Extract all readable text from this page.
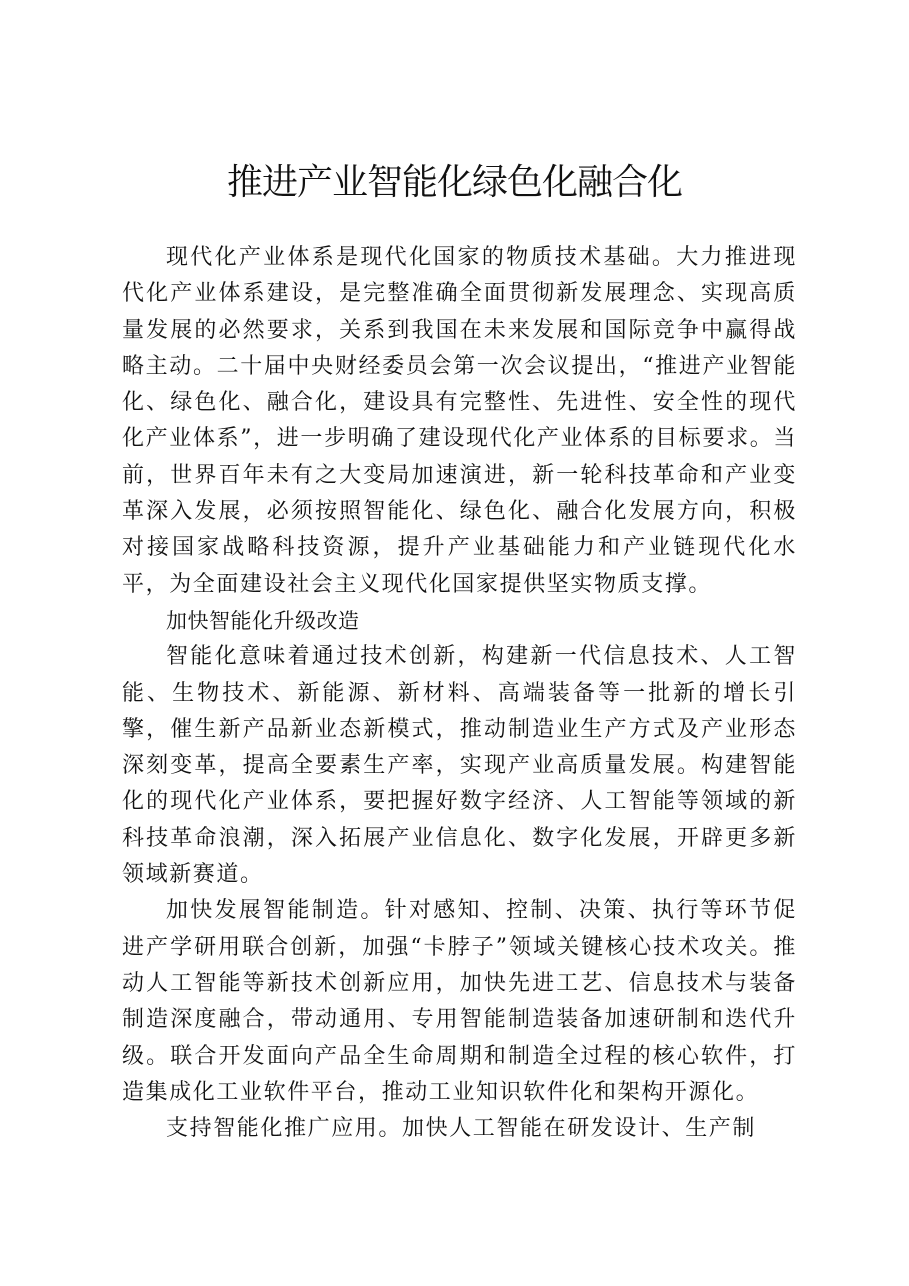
推进产业智能化绿色化融合化

现代化产业体系是现代化国家的物质技术基础。大力推进现代化产业体系建设，是完整准确全面贯彻新发展理念、实现高质量发展的必然要求，关系到我国在未来发展和国际竞争中赢得战略主动。二十届中央财经委员会第一次会议提出，“推进产业智能化、绿色化、融合化，建设具有完整性、先进性、安全性的现代化产业体系”，进一步明确了建设现代化产业体系的目标要求。当前，世界百年未有之大变局加速演进，新一轮科技革命和产业变革深入发展，必须按照智能化、绿色化、融合化发展方向，积极对接国家战略科技资源，提升产业基础能力和产业链现代化水平，为全面建设社会主义现代化国家提供坚实物质支撑。

加快智能化升级改造

智能化意味着通过技术创新，构建新一代信息技术、人工智能、生物技术、新能源、新材料、高端装备等一批新的增长引擎，催生新产品新业态新模式，推动制造业生产方式及产业形态深刻变革，提高全要素生产率，实现产业高质量发展。构建智能化的现代化产业体系，要把握好数字经济、人工智能等领域的新科技革命浪潮，深入拓展产业信息化、数字化发展，开辟更多新领域新赛道。

加快发展智能制造。针对感知、控制、决策、执行等环节促进产学研用联合创新，加强“卡脖子”领域关键核心技术攻关。推动人工智能等新技术创新应用，加快先进工艺、信息技术与装备制造深度融合，带动通用、专用智能制造装备加速研制和迭代升级。联合开发面向产品全生命周期和制造全过程的核心软件，打造集成化工业软件平台，推动工业知识软件化和架构开源化。

支持智能化推广应用。加快人工智能在研发设计、生产制
